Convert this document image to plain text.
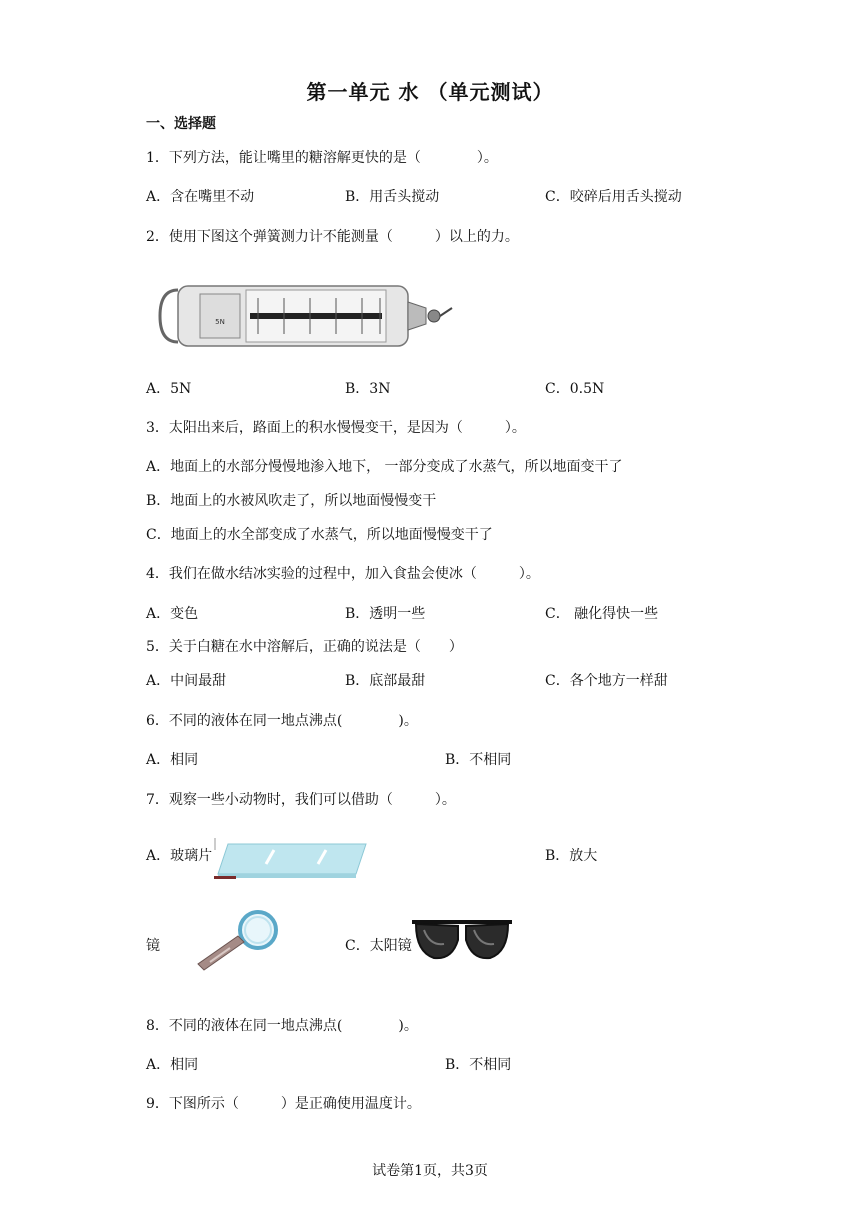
第一单元 水 （单元测试）
一、选择题
1．下列方法，能让嘴里的糖溶解更快的是（　　　　）。
A．含在嘴里不动	B．用舌头搅动	C．咬碎后用舌头搅动
2．使用下图这个弹簧测力计不能测量（　　　）以上的力。
5N
A．5N	B．3N	C．0.5N
3．太阳出来后，路面上的积水慢慢变干，是因为（　　　）。
A．地面上的水部分慢慢地渗入地下， 一部分变成了水蒸气，所以地面变干了
B．地面上的水被风吹走了，所以地面慢慢变干
C．地面上的水全部变成了水蒸气，所以地面慢慢变干了
4．我们在做水结冰实验的过程中，加入食盐会使冰（　　　）。
A．变色	B．透明一些	C． 融化得快一些
5．关于白糖在水中溶解后，正确的说法是（　　）
A．中间最甜	B．底部最甜	C．各个地方一样甜
6．不同的液体在同一地点沸点(　　　　)。
A．相同	B．不相同
7．观察一些小动物时，我们可以借助（　　　）。
A．玻璃片	B．放大
镜	C．太阳镜
8．不同的液体在同一地点沸点(　　　　)。
A．相同	B．不相同
9．下图所示（　　　）是正确使用温度计。
试卷第1页，共3页
